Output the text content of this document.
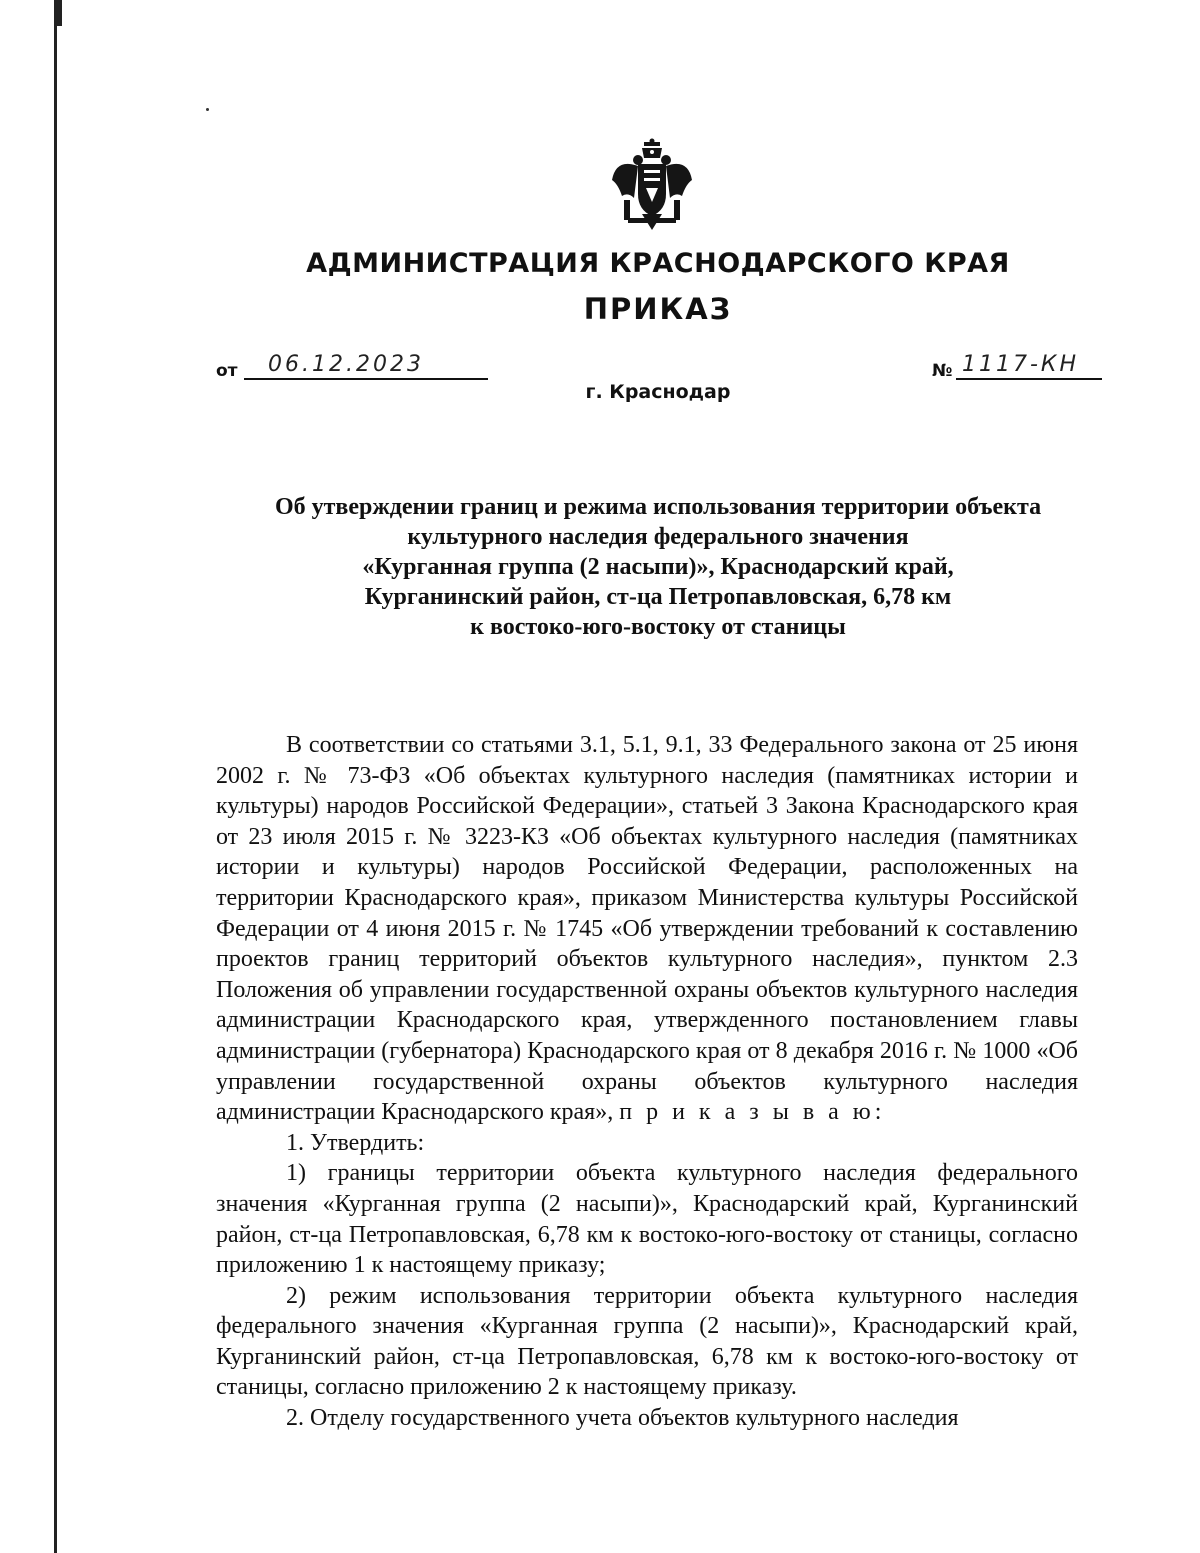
АДМИНИСТРАЦИЯ КРАСНОДАРСКОГО КРАЯ
ПРИКАЗ
от 06.12.2023	№ 1117-КН
г. Краснодар
Об утверждении границ и режима использования территории объекта
культурного наследия федерального значения
«Курганная группа (2 насыпи)», Краснодарский край,
Курганинский район, ст-ца Петропавловская, 6,78 км
к востоко-юго-востоку от станицы

В соответствии со статьями 3.1, 5.1, 9.1, 33 Федерального закона от 25 июня 2002 г. № 73-ФЗ «Об объектах культурного наследия (памятниках истории и культуры) народов Российской Федерации», статьей 3 Закона Краснодарского края от 23 июля 2015 г. № 3223-КЗ «Об объектах культурного наследия (памятниках истории и культуры) народов Российской Федерации, расположенных на территории Краснодарского края», приказом Министерства культуры Российской Федерации от 4 июня 2015 г. № 1745 «Об утверждении требований к составлению проектов границ территорий объектов культурного наследия», пунктом 2.3 Положения об управлении государственной охраны объектов культурного наследия администрации Краснодарского края, утвержденного постановлением главы администрации (губернатора) Краснодарского края от 8 декабря 2016 г. № 1000 «Об управлении государственной охраны объектов культурного наследия администрации Краснодарского края», п р и к а з ы в а ю:

1. Утвердить:

1) границы территории объекта культурного наследия федерального значения «Курганная группа (2 насыпи)», Краснодарский край, Курганинский район, ст-ца Петропавловская, 6,78 км к востоко-юго-востоку от станицы, согласно приложению 1 к настоящему приказу;

2) режим использования территории объекта культурного наследия федерального значения «Курганная группа (2 насыпи)», Краснодарский край, Курганинский район, ст-ца Петропавловская, 6,78 км к востоко-юго-востоку от станицы, согласно приложению 2 к настоящему приказу.

2. Отделу государственного учета объектов культурного наследия
